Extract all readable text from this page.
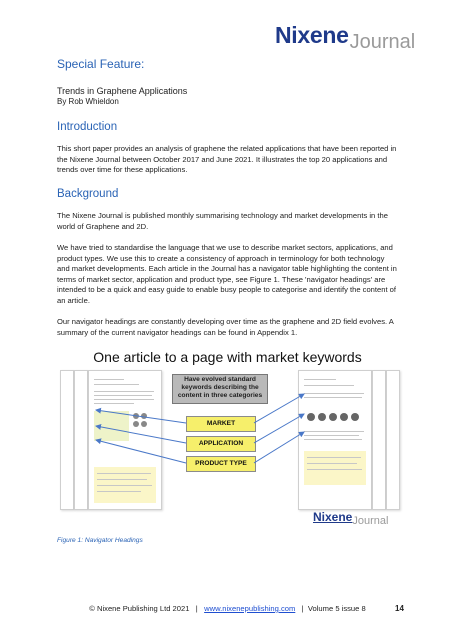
NixeneJournal
Special Feature:
Trends in Graphene Applications
By Rob Whieldon
Introduction
This short paper provides an analysis of graphene the related applications that have been reported in the Nixene Journal between October 2017 and June 2021. It illustrates the top 20 applications and trends over time for these applications.
Background
The Nixene Journal is published monthly summarising technology and market developments in the world of Graphene and 2D.
We have tried to standardise the language that we use to describe market sectors, applications, and product types. We use this to create a consistency of approach in terminology for both technology and market developments. Each article in the Journal has a navigator table highlighting the content in terms of market sector, application and product type, see Figure 1. These 'navigator headings' are intended to be a quick and easy guide to enable busy people to categorise and identify the content of an article.
Our navigator headings are constantly developing over time as the graphene and 2D field evolves. A summary of the current navigator headings can be found in Appendix 1.
One article to a page with market keywords
Have evolved standard keywords describing the content in three categories
MARKET
APPLICATION
PRODUCT TYPE
NixeneJournal
Figure 1: Navigator Headings
© Nixene Publishing Ltd 2021 | www.nixenepublishing.com | Volume 5 issue 8	14
